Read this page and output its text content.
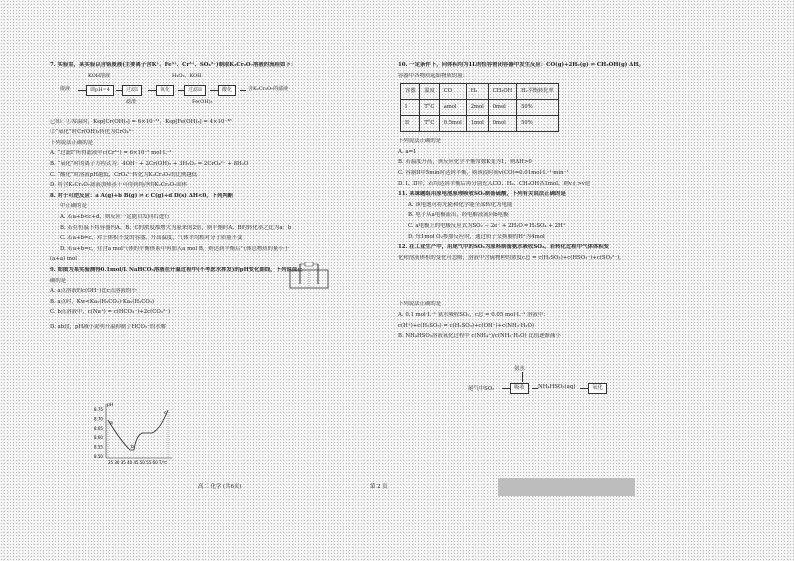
7. 实验室，某实验以含铬废液(主要离子含K⁺、Fe³⁺、Cr³⁺、SO₄²⁻)制取K₂Cr₂O₇溶液的流程如下：
KOH溶液	H₂O₂、KOH
废液	调pH=4	过滤I	氧化	过滤II	酸化	含K₂Cr₂O₇的滤液
滤渣	Fe(OH)₃
已知：①常温时，Ksp[Cr(OH)₃] = 6×10⁻³¹，Ksp[Fe(OH)₃] = 4×10⁻³⁸
②“氧化”时Cr(OH)₃转化为CrO₄²⁻
下列说法正确的是
A. “过滤I”所得滤液中c(Cr³⁺) = 6×10⁻⁵ mol·L⁻¹
B. “氧化”时的离子方程式为：4OH⁻ + 2Cr(OH)₃ + 3H₂O₂ = 2CrO₄²⁻ + 8H₂O
C. “酸化”时溶液pH越低，CrO₄²⁻转化为K₂Cr₂O₇的比例越低
D. 将含K₂Cr₂O₇滤液加热蒸干可得到纯净的K₂Cr₂O₇固体
8. 对于可逆反应：a A(g)+b B(g) ⇌ c C(g)+d D(s) ΔH<0，下列判断
中正确的是
A. 若a+b<c+d，则反应一定能自发向右进行
B. 若在恒温下将容器内A、B、C的浓度都增大为原来的2倍，则平衡时A、B的转化率之比为a：b
C. 若a+b=c，对于体积不变的容器，升高温度，气体平均相对分子质量不变
D. 若a+b=c，往含a mol气体的平衡体系中再加入a mol B，则达到平衡后气体总物质的量小于
(a+a) mol
9. 如图为某实验测得0.1mol/L NaHCO₃溶液在升温过程中(不考虑水挥发)的pH变化曲线，下列说法正
确的是
A. a点溶液的c(OH⁻)比c点溶液的小
B. a点时，Kw<Ka₁(H₂CO₃)·Ka₂(H₂CO₃)
C. b点溶液中，c(Na⁺) = c(HCO₃⁻)+2c(CO₃²⁻)
D. ab段，pH减小说明升温抑制了HCO₃⁻的水解
pH
8.75
8.70
8.65
8.60
8.55
8.50
25 30 35 40 45 50 55 60 T/℃
a
b
c
10. 一定条件下，向体积均为1L的恒容密闭容器中发生反应：CO(g)+2H₂(g) ⇌ CH₃OH(g) ΔH。
容器中各物质起始物质的量：
容器	温度	CO	H₂	CH₃OH	H₂平衡转化率
I	T°C	amol	2mol	0mol	50%
II	T°C	0.5mol	1mol	0mol	50%
下列说法正确的是
A. a=1
B. 若温度升高，该反应化学平衡常数K变为1，则ΔH>0
C. 容器II中5min时达到平衡，则该段时间v(CO)=0.01mol·L⁻¹·min⁻¹
D. I、II中，若均达到平衡后再分别充入CO、H₂、CH₃OH各1mol，则v正>v逆
11. 某课题组用原电池原理吸收SO₂制备硫酸，下列有关说法正确的是
A. 该电池可将光能和化学能全部转化为电能
B. 电子从a电极流出，经电解液流向b电极
C. a电极上的电极反应式为SO₂ − 2e⁻ + 2H₂O ═ H₂SO₄ + 2H⁺
D. 每1mol O₂参加反应时，通过质子交换膜的H⁺为4mol
12. 在工业生产中，用尾气中的SO₂为原料制备氨水吸收SO₂。若转化过程中气体体积变
化和溶液体积的变化可忽略，溶液中含硫物种的浓度c总 = c(H₂SO₃)+c(HSO₃⁻)+c(SO₃²⁻)。
下列说法正确的是
A. 0.1 mol·L⁻¹ 氨水吸收SO₂，c总 = 0.05 mol·L⁻¹ 溶液中：
c(H⁺)+c(H₂SO₃) = c(H₂SO₃)+c(OH⁻)+c(NH₃·H₂O)
B. NH₄HSO₃溶液氧化过程中 c(NH₄⁺)/c(NH₃·H₂O) 比值逐渐减小
氨水
尾气中SO₂	吸收	NH₄HSO₃(aq)	氧化
高二 化学 (共6页)	第 2 页
